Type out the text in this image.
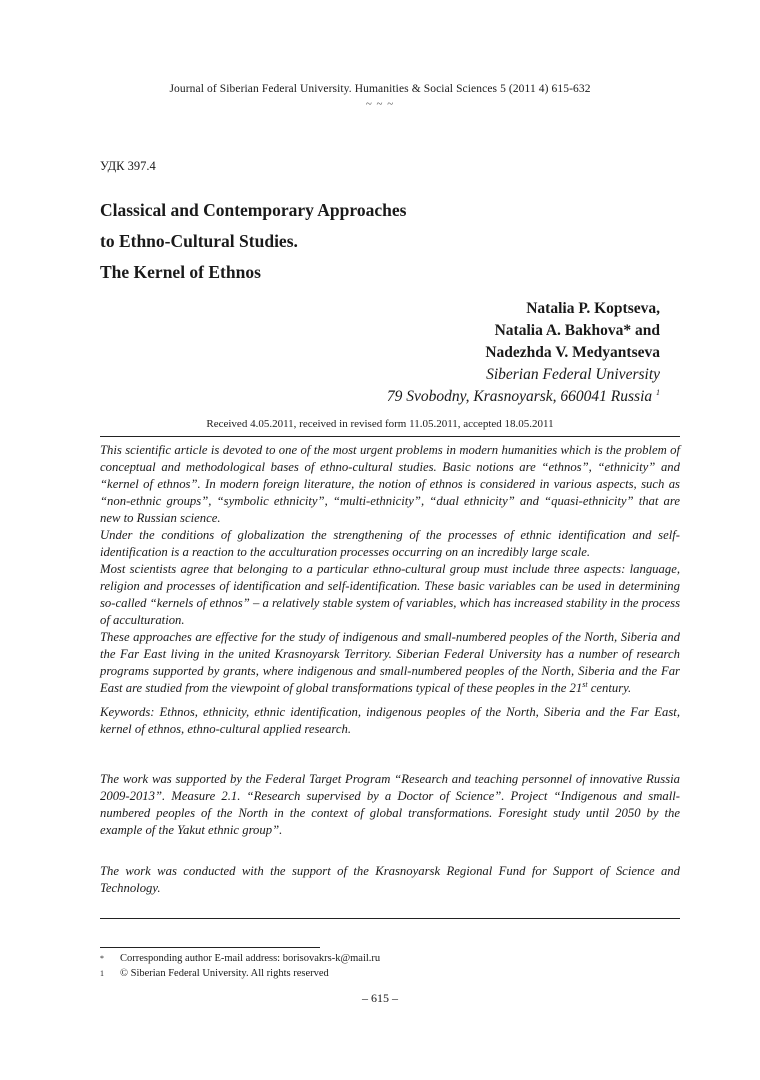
Journal of Siberian Federal University. Humanities & Social Sciences 5 (2011 4) 615-632
~ ~ ~
УДК 397.4
Classical and Contemporary Approaches
to Ethno-Cultural Studies.
The Kernel of Ethnos
Natalia P. Koptseva,
Natalia A. Bakhova* and
Nadezhda V. Medyantseva
Siberian Federal University
79 Svobodny, Krasnoyarsk, 660041 Russia $^1$
Received 4.05.2011, received in revised form 11.05.2011, accepted 18.05.2011

This scientific article is devoted to one of the most urgent problems in modern humanities which is the problem of conceptual and methodological bases of ethno-cultural studies. Basic notions are “ethnos”, “ethnicity” and “kernel of ethnos”. In modern foreign literature, the notion of ethnos is considered in various aspects, such as “non-ethnic groups”, “symbolic ethnicity”, “multi-ethnicity”, “dual ethnicity” and “quasi-ethnicity” that are new to Russian science.

Under the conditions of globalization the strengthening of the processes of ethnic identification and self-identification is a reaction to the acculturation processes occurring on an incredibly large scale.

Most scientists agree that belonging to a particular ethno-cultural group must include three aspects: language, religion and processes of identification and self-identification. These basic variables can be used in determining so-called “kernels of ethnos” – a relatively stable system of variables, which has increased stability in the process of acculturation.

These approaches are effective for the study of indigenous and small-numbered peoples of the North, Siberia and the Far East living in the united Krasnoyarsk Territory. Siberian Federal University has a number of research programs supported by grants, where indigenous and small-numbered peoples of the North, Siberia and the Far East are studied from the viewpoint of global transformations typical of these peoples in the 21st century.

Keywords: Ethnos, ethnicity, ethnic identification, indigenous peoples of the North, Siberia and the Far East, kernel of ethnos, ethno-cultural applied research.

The work was supported by the Federal Target Program “Research and teaching personnel of innovative Russia 2009-2013”. Measure 2.1. “Research supervised by a Doctor of Science”. Project “Indigenous and small-numbered peoples of the North in the context of global transformations. Foresight study until 2050 by the example of the Yakut ethnic group”.

The work was conducted with the support of the Krasnoyarsk Regional Fund for Support of Science and Technology.

*	Corresponding author E-mail address: borisovakrs-k@mail.ru
1	© Siberian Federal University. All rights reserved
– 615 –
